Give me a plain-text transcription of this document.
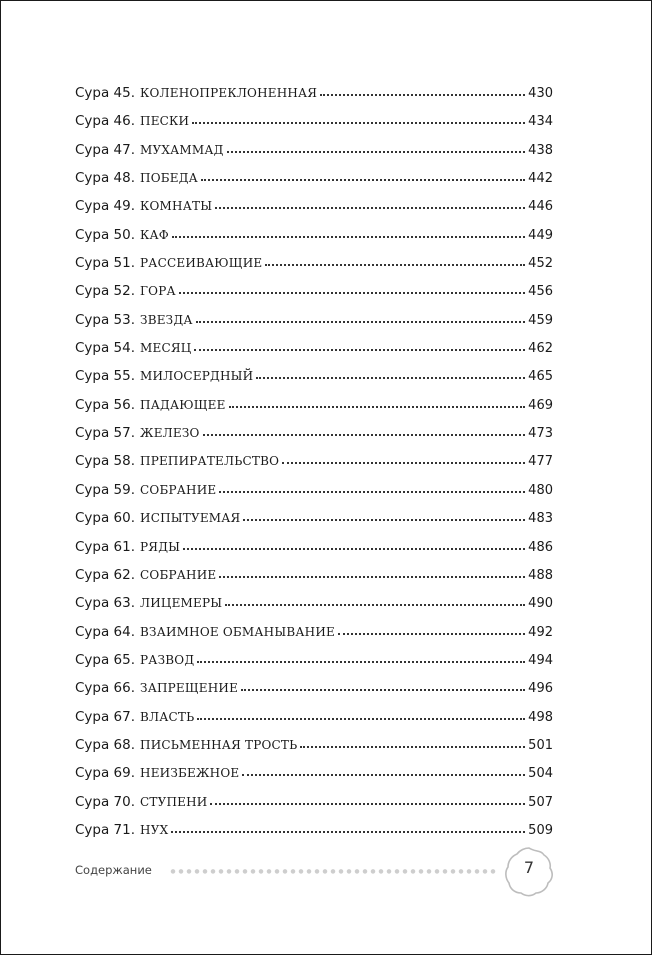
Сура 45. КОЛЕНОПРЕКЛОНЕННАЯ	430
Сура 46. ПЕСКИ	434
Сура 47. МУХАММАД	438
Сура 48. ПОБЕДА	442
Сура 49. КОМНАТЫ	446
Сура 50. КАФ	449
Сура 51. РАССЕИВАЮЩИЕ	452
Сура 52. ГОРА	456
Сура 53. ЗВЕЗДА	459
Сура 54. МЕСЯЦ	462
Сура 55. МИЛОСЕРДНЫЙ	465
Сура 56. ПАДАЮЩЕЕ	469
Сура 57. ЖЕЛЕЗО	473
Сура 58. ПРЕПИРАТЕЛЬСТВО	477
Сура 59. СОБРАНИЕ	480
Сура 60. ИСПЫТУЕМАЯ	483
Сура 61. РЯДЫ	486
Сура 62. СОБРАНИЕ	488
Сура 63. ЛИЦЕМЕРЫ	490
Сура 64. ВЗАИМНОЕ ОБМАНЫВАНИЕ	492
Сура 65. РАЗВОД	494
Сура 66. ЗАПРЕЩЕНИЕ	496
Сура 67. ВЛАСТЬ	498
Сура 68. ПИСЬМЕННАЯ ТРОСТЬ	501
Сура 69. НЕИЗБЕЖНОЕ	504
Сура 70. СТУПЕНИ	507
Сура 71. НУХ	509
Содержание	7
